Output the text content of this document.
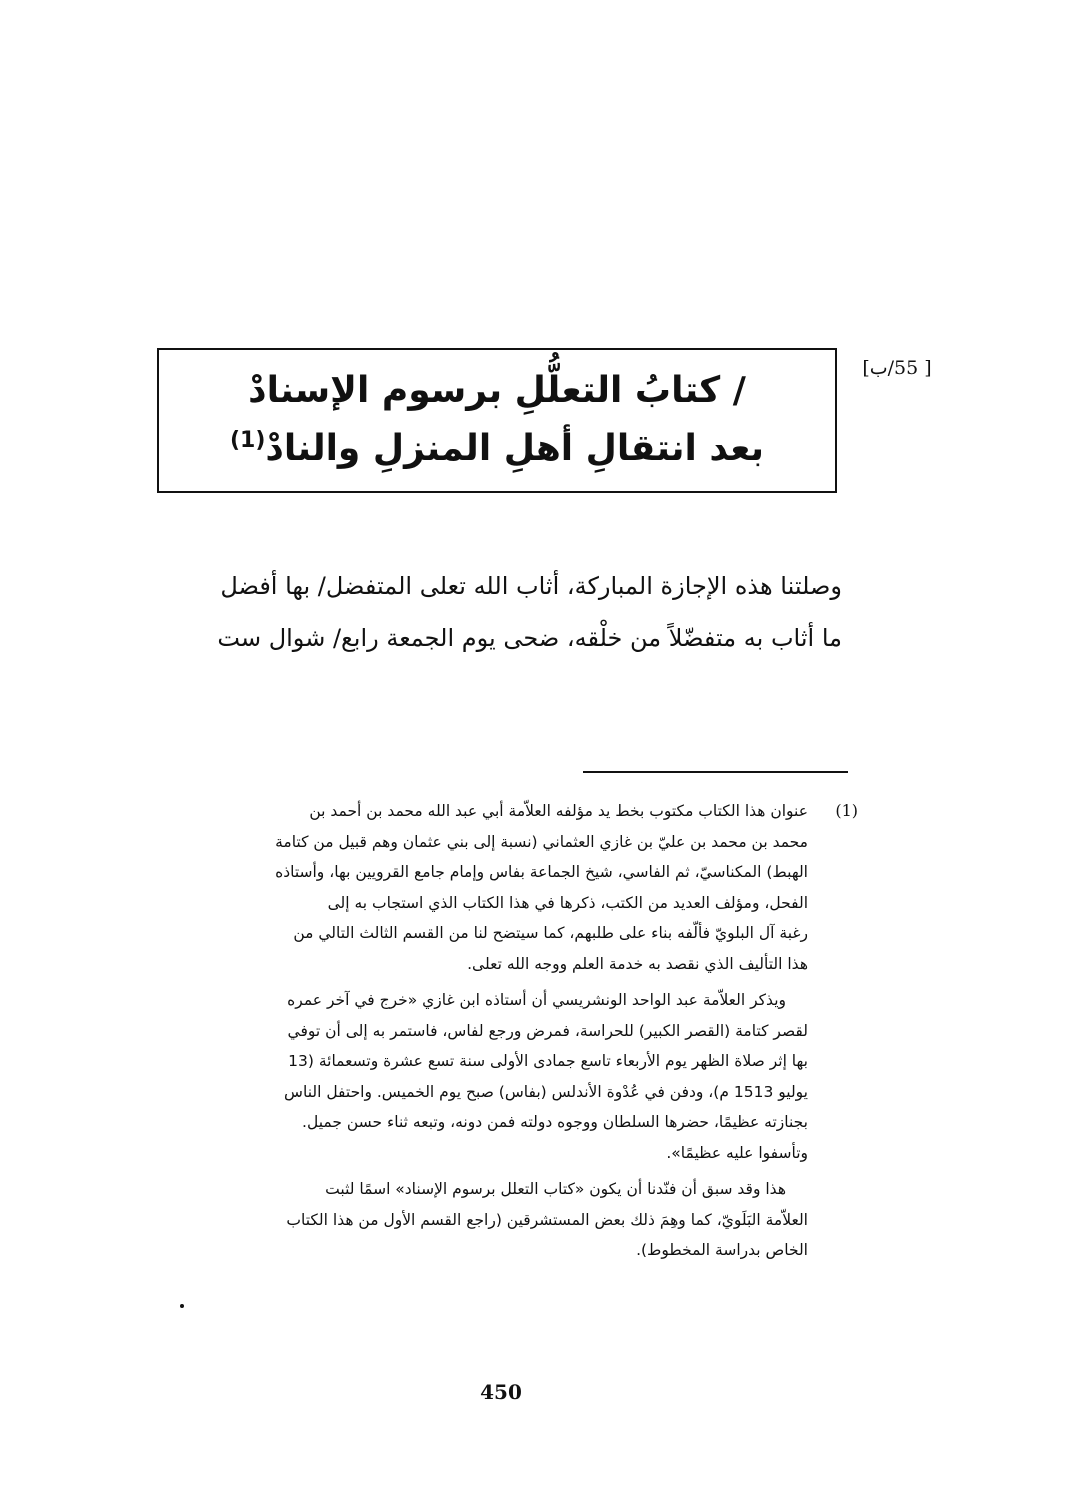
[ 55/ب]
/ كتابُ التعلُّلِ برسوم الإسنادْ
بعد انتقالِ أهلِ المنزلِ والنادْ$^{(1)}$
وصلتنا هذه الإجازة المباركة، أثاب الله تعلى المتفضل/ بها أفضل
ما أثاب به متفضّلاً من خلْقه، ضحى يوم الجمعة رابع/ شوال ست
(1)
عنوان هذا الكتاب مكتوب بخط يد مؤلفه العلاّمة أبي عبد الله محمد بن أحمد بن
محمد بن محمد بن عليّ بن غازي العثماني (نسبة إلى بني عثمان وهم قبيل من كتامة
الهبط) المكناسيّ، ثم الفاسي، شيخ الجماعة بفاس وإمام جامع القرويين بها، وأستاذه
الفحل، ومؤلف العديد من الكتب، ذكرها في هذا الكتاب الذي استجاب به إلى
رغبة آل البلويّ فألّفه بناء على طلبهم، كما سيتضح لنا من القسم الثالث التالي من
هذا التأليف الذي نقصد به خدمة العلم ووجه الله تعلى.
ويذكر العلاّمة عبد الواحد الونشريسي أن أستاذه ابن غازي «خرج في آخر عمره
لقصر كتامة (القصر الكبير) للحراسة، فمرض ورجع لفاس، فاستمر به إلى أن توفي
بها إثر صلاة الظهر يوم الأربعاء تاسع جمادى الأولى سنة تسع عشرة وتسعمائة (13
يوليو 1513 م)، ودفن في عُدْوة الأندلس (بفاس) صبح يوم الخميس. واحتفل الناس
بجنازته عظيمًا، حضرها السلطان ووجوه دولته فمن دونه، وتبعه ثناء حسن جميل.
وتأسفوا عليه عظيمًا».
هذا وقد سبق أن فنّدنا أن يكون «كتاب التعلل برسوم الإسناد» اسمًا لثبت
العلاّمة البَلَويّ، كما وهِمَ ذلك بعض المستشرقين (راجع القسم الأول من هذا الكتاب
الخاص بدراسة المخطوط).
450
